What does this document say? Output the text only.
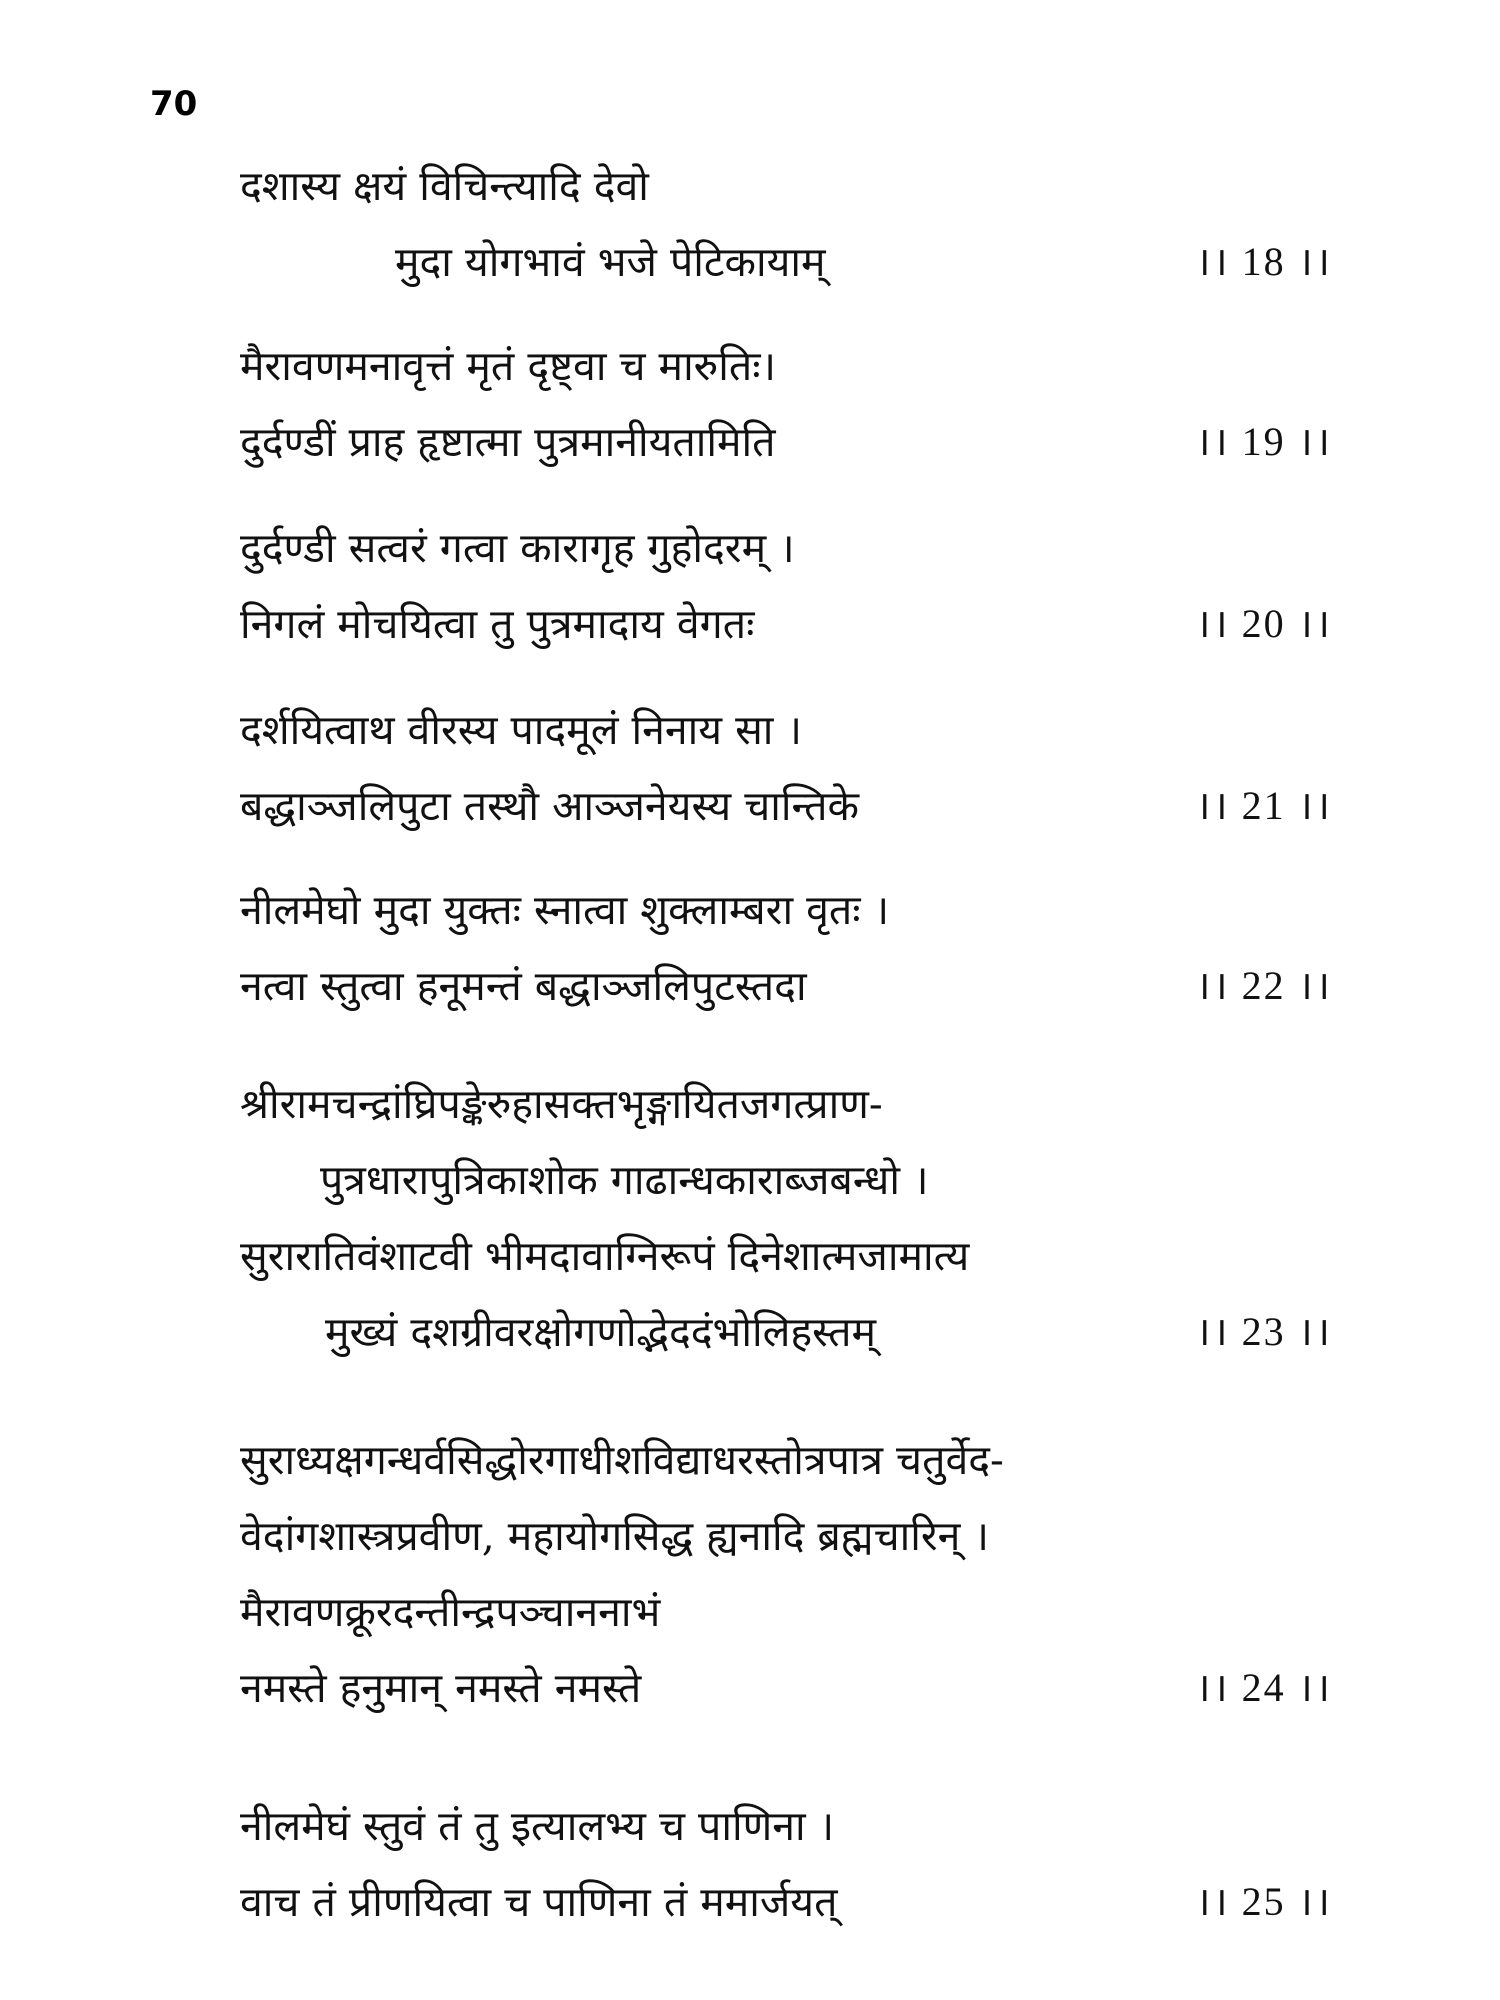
70
दशास्य क्षयं विचिन्त्यादि देवो
मुदा योगभावं भजे पेटिकायाम्	।। 18 ।।
मैरावणमनावृत्तं मृतं दृष्ट्वा च मारुतिः।
दुर्दण्डीं प्राह हृष्टात्मा पुत्रमानीयतामिति	।। 19 ।।
दुर्दण्डी सत्वरं गत्वा कारागृह गुहोदरम् ।
निगलं मोचयित्वा तु पुत्रमादाय वेगतः	।। 20 ।।
दर्शयित्वाथ वीरस्य पादमूलं निनाय सा ।
बद्धाञ्जलिपुटा तस्थौ आञ्जनेयस्य चान्तिके	।। 21 ।।
नीलमेघो मुदा युक्तः स्नात्वा शुक्लाम्बरा वृतः ।
नत्वा स्तुत्वा हनूमन्तं बद्धाञ्जलिपुटस्तदा	।। 22 ।।
श्रीरामचन्द्रांघ्रिपङ्केरुहासक्तभृङ्गायितजगत्प्राण-
पुत्रधारापुत्रिकाशोक गाढान्धकाराब्जबन्धो ।
सुरारातिवंशाटवी भीमदावाग्निरूपं दिनेशात्मजामात्य
मुख्यं दशग्रीवरक्षोगणोद्भेददंभोलिहस्तम्	।। 23 ।।
सुराध्यक्षगन्धर्वसिद्धोरगाधीशविद्याधरस्तोत्रपात्र चतुर्वेद-
वेदांगशास्त्रप्रवीण, महायोगसिद्ध ह्यनादि ब्रह्मचारिन् ।
मैरावणक्रूरदन्तीन्द्रपञ्चाननाभं
नमस्ते हनुमान् नमस्ते नमस्ते	।। 24 ।।
नीलमेघं स्तुवं तं तु इत्यालभ्य च पाणिना ।
वाच तं प्रीणयित्वा च पाणिना तं ममार्जयत्	।। 25 ।।
